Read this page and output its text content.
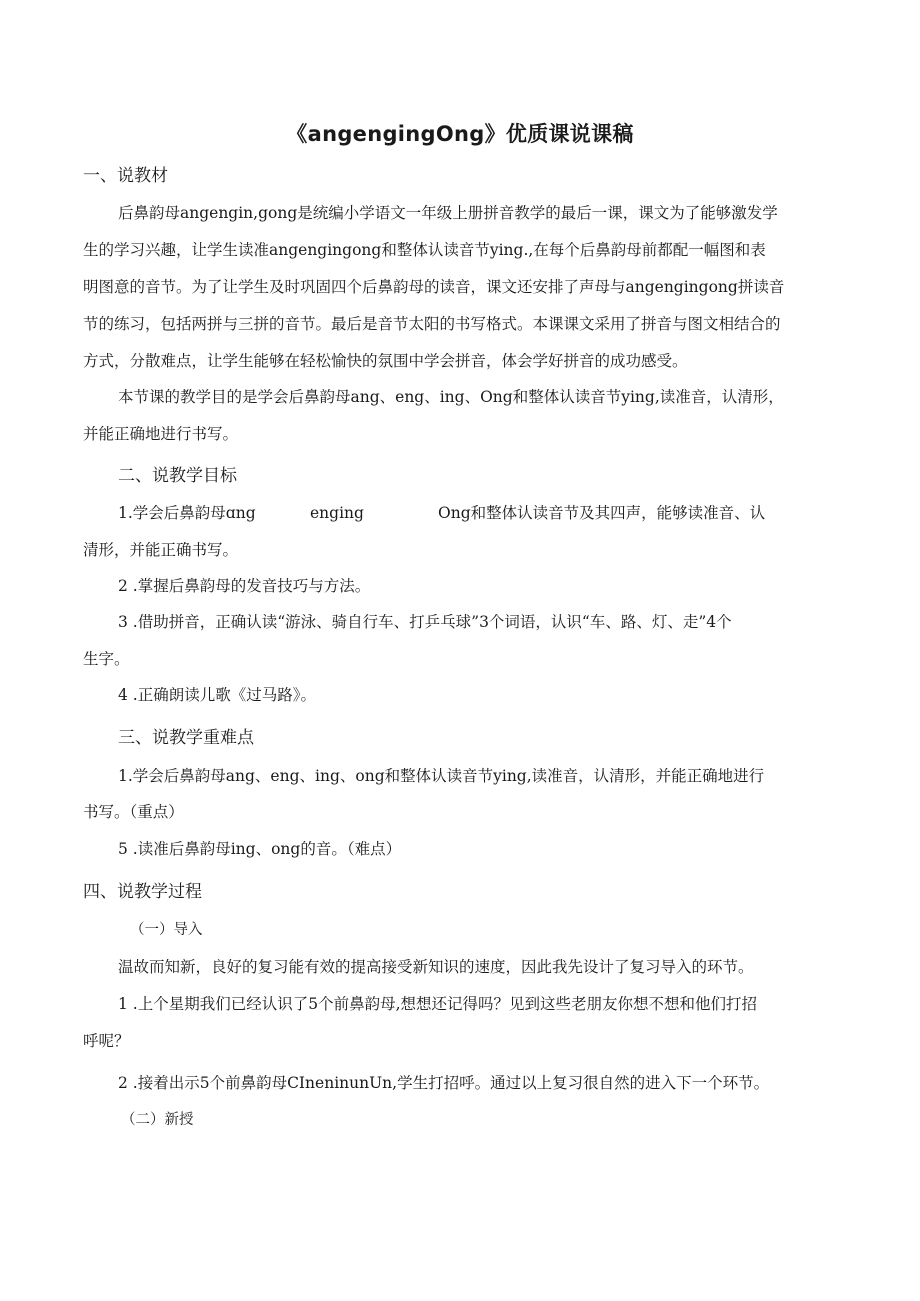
《angengingOng》优质课说课稿
一、说教材
后鼻韵母angengin,gong是统编小学语文一年级上册拼音教学的最后一课，课文为了能够激发学
生的学习兴趣，让学生读准angengingong和整体认读音节ying.,在每个后鼻韵母前都配一幅图和表
明图意的音节。为了让学生及时巩固四个后鼻韵母的读音，课文还安排了声母与angengingong拼读音
节的练习，包括两拼与三拼的音节。最后是音节太阳的书写格式。本课课文采用了拼音与图文相结合的
方式，分散难点，让学生能够在轻松愉快的氛围中学会拼音，体会学好拼音的成功感受。
本节课的教学目的是学会后鼻韵母ang、eng、ing、Ong和整体认读音节ying,读准音，认清形，
并能正确地进行书写。
二、说教学目标
1.学会后鼻韵母ɑng	enging	Ong和整体认读音节及其四声，能够读准音、认
清形，并能正确书写。
2 .掌握后鼻韵母的发音技巧与方法。
3 .借助拼音，正确认读“游泳、骑自行车、打乒乓球”3个词语，认识“车、路、灯、走”4个
生字。
4 .正确朗读儿歌《过马路》。
三、说教学重难点
1.学会后鼻韵母ang、eng、ing、ong和整体认读音节ying,读准音，认清形，并能正确地进行
书写。（重点）
5 .读准后鼻韵母ing、ong的音。（难点）
四、说教学过程
（一）导入
温故而知新，良好的复习能有效的提高接受新知识的速度，因此我先设计了复习导入的环节。
1 .上个星期我们已经认识了5个前鼻韵母,想想还记得吗？见到这些老朋友你想不想和他们打招
呼呢？
2 .接着出示5个前鼻韵母CIneninunUn,学生打招呼。通过以上复习很自然的进入下一个环节。
（二）新授
